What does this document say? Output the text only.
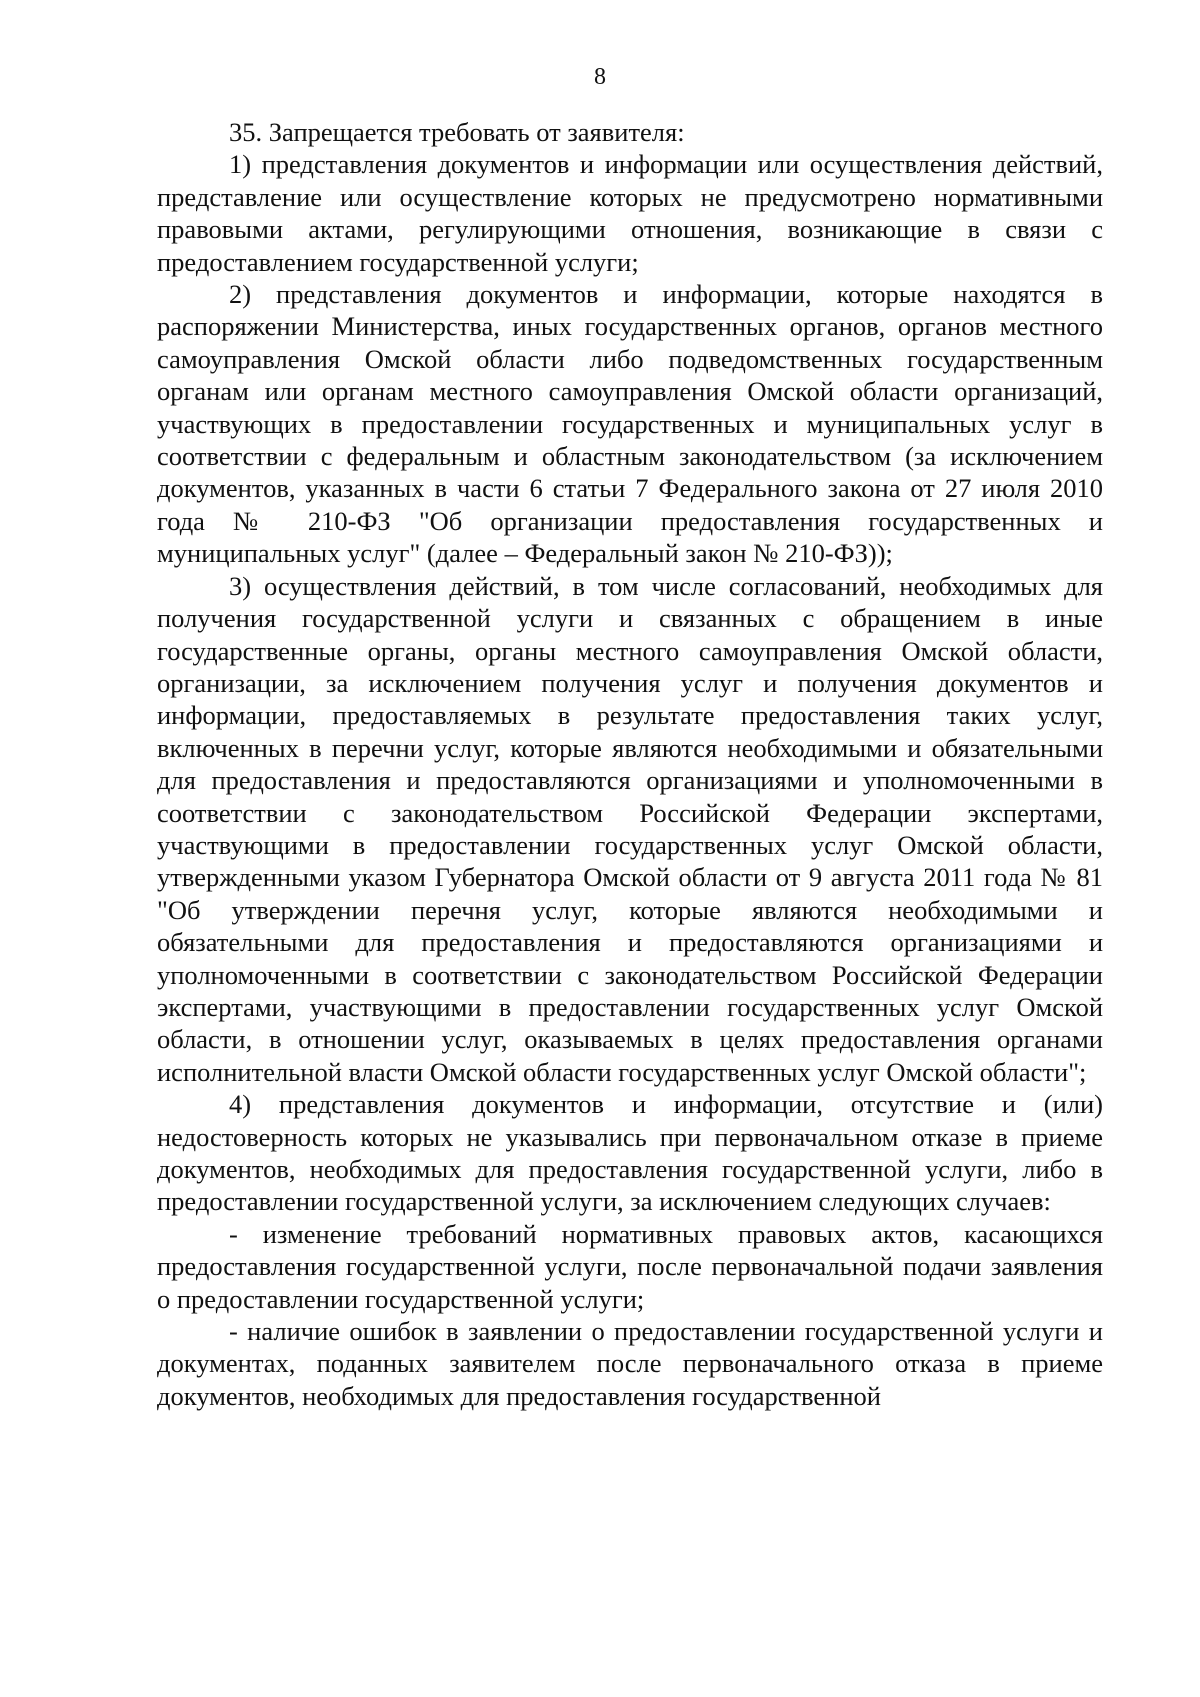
8

35. Запрещается требовать от заявителя:

1) представления документов и информации или осуществления действий, представление или осуществление которых не предусмотрено нормативными правовыми актами, регулирующими отношения, возникающие в связи с предоставлением государственной услуги;

2) представления документов и информации, которые находятся в распоряжении Министерства, иных государственных органов, органов местного самоуправления Омской области либо подведомственных государственным органам или органам местного самоуправления Омской области организаций, участвующих в предоставлении государственных и муниципальных услуг в соответствии с федеральным и областным законодательством (за исключением документов, указанных в части 6 статьи 7 Федерального закона от 27 июля 2010 года № 210-ФЗ "Об организации предоставления государственных и муниципальных услуг" (далее – Федеральный закон № 210-ФЗ));

3) осуществления действий, в том числе согласований, необходимых для получения государственной услуги и связанных с обращением в иные государственные органы, органы местного самоуправления Омской области, организации, за исключением получения услуг и получения документов и информации, предоставляемых в результате предоставления таких услуг, включенных в перечни услуг, которые являются необходимыми и обязательными для предоставления и предоставляются организациями и уполномоченными в соответствии с законодательством Российской Федерации экспертами, участвующими в предоставлении государственных услуг Омской области, утвержденными указом Губернатора Омской области от 9 августа 2011 года № 81 "Об утверждении перечня услуг, которые являются необходимыми и обязательными для предоставления и предоставляются организациями и уполномоченными в соответствии с законодательством Российской Федерации экспертами, участвующими в предоставлении государственных услуг Омской области, в отношении услуг, оказываемых в целях предоставления органами исполнительной власти Омской области государственных услуг Омской области";

4) представления документов и информации, отсутствие и (или) недостоверность которых не указывались при первоначальном отказе в приеме документов, необходимых для предоставления государственной услуги, либо в предоставлении государственной услуги, за исключением следующих случаев:

- изменение требований нормативных правовых актов, касающихся предоставления государственной услуги, после первоначальной подачи заявления о предоставлении государственной услуги;

- наличие ошибок в заявлении о предоставлении государственной услуги и документах, поданных заявителем после первоначального отказа в приеме документов, необходимых для предоставления государственной
